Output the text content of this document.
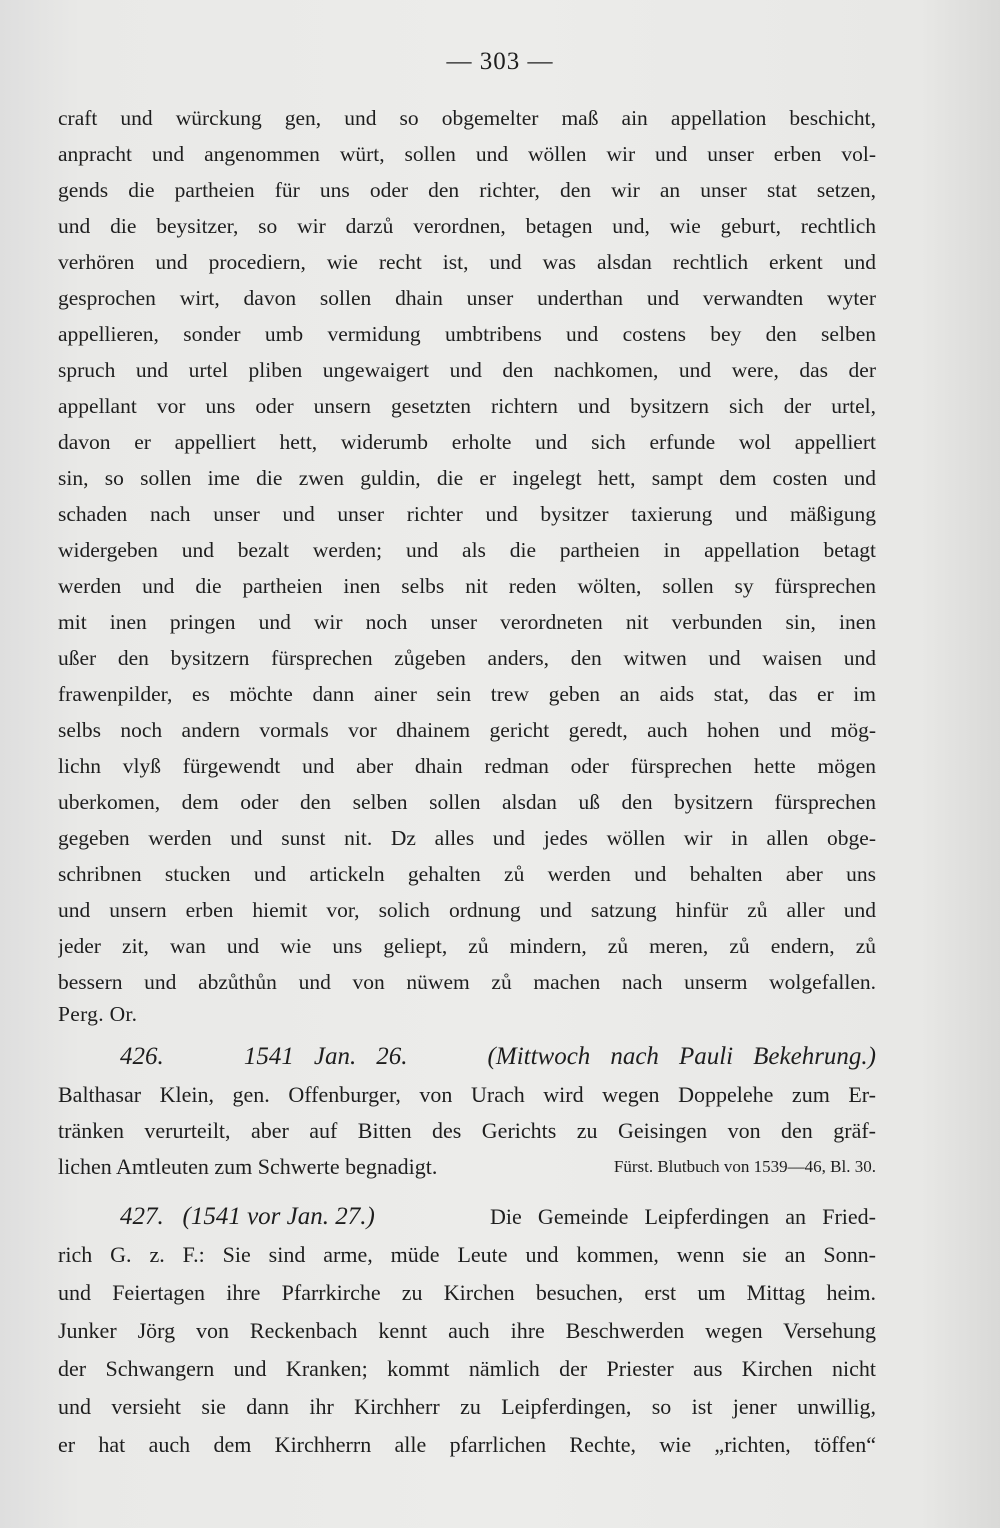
— 303 —
craft und würckung gen, und so obgemelter maß ain appellation beschicht,
anpracht und angenommen würt, sollen und wöllen wir und unser erben vol-
gends die partheien für uns oder den richter, den wir an unser stat setzen,
und die beysitzer, so wir darzů verordnen, betagen und, wie geburt, rechtlich
verhören und procediern, wie recht ist, und was alsdan rechtlich erkent und
gesprochen wirt, davon sollen dhain unser underthan und verwandten wyter
appellieren, sonder umb vermidung umbtribens und costens bey den selben
spruch und urtel pliben ungewaigert und den nachkomen, und were, das der
appellant vor uns oder unsern gesetzten richtern und bysitzern sich der urtel,
davon er appelliert hett, widerumb erholte und sich erfunde wol appelliert
sin, so sollen ime die zwen guldin, die er ingelegt hett, sampt dem costen und
schaden nach unser und unser richter und bysitzer taxierung und mäßigung
widergeben und bezalt werden; und als die partheien in appellation betagt
werden und die partheien inen selbs nit reden wölten, sollen sy fürsprechen
mit inen pringen und wir noch unser verordneten nit verbunden sin, inen
ußer den bysitzern fürsprechen zůgeben anders, den witwen und waisen und
frawenpilder, es möchte dann ainer sein trew geben an aids stat, das er im
selbs noch andern vormals vor dhainem gericht geredt, auch hohen und mög-
lichn vlyß fürgewendt und aber dhain redman oder fürsprechen hette mögen
uberkomen, dem oder den selben sollen alsdan uß den bysitzern fürsprechen
gegeben werden und sunst nit. Dz alles und jedes wöllen wir in allen obge-
schribnen stucken und artickeln gehalten zů werden und behalten aber uns
und unsern erben hiemit vor, solich ordnung und satzung hinfür zů aller und
jeder zit, wan und wie uns geliept, zů mindern, zů meren, zů endern, zů
bessern und abzůthůn und von nüwem zů machen nach unserm wolgefallen.
Perg. Or.
426.    1541 Jan. 26.    (Mittwoch nach Pauli Bekehrung.)
Balthasar Klein, gen. Offenburger, von Urach wird wegen Doppelehe zum Er-
tränken verurteilt, aber auf Bitten des Gerichts zu Geisingen von den gräf-
lichen Amtleuten zum Schwerte begnadigt.	Fürst. Blutbuch von 1539—46, Bl. 30.
427.   (1541 vor Jan. 27.)	Die Gemeinde Leipferdingen an Fried-
rich G. z. F.: Sie sind arme, müde Leute und kommen, wenn sie an Sonn-
und Feiertagen ihre Pfarrkirche zu Kirchen besuchen, erst um Mittag heim.
Junker Jörg von Reckenbach kennt auch ihre Beschwerden wegen Versehung
der Schwangern und Kranken; kommt nämlich der Priester aus Kirchen nicht
und versieht sie dann ihr Kirchherr zu Leipferdingen, so ist jener unwillig,
er hat auch dem Kirchherrn alle pfarrlichen Rechte, wie „richten, töffen“
